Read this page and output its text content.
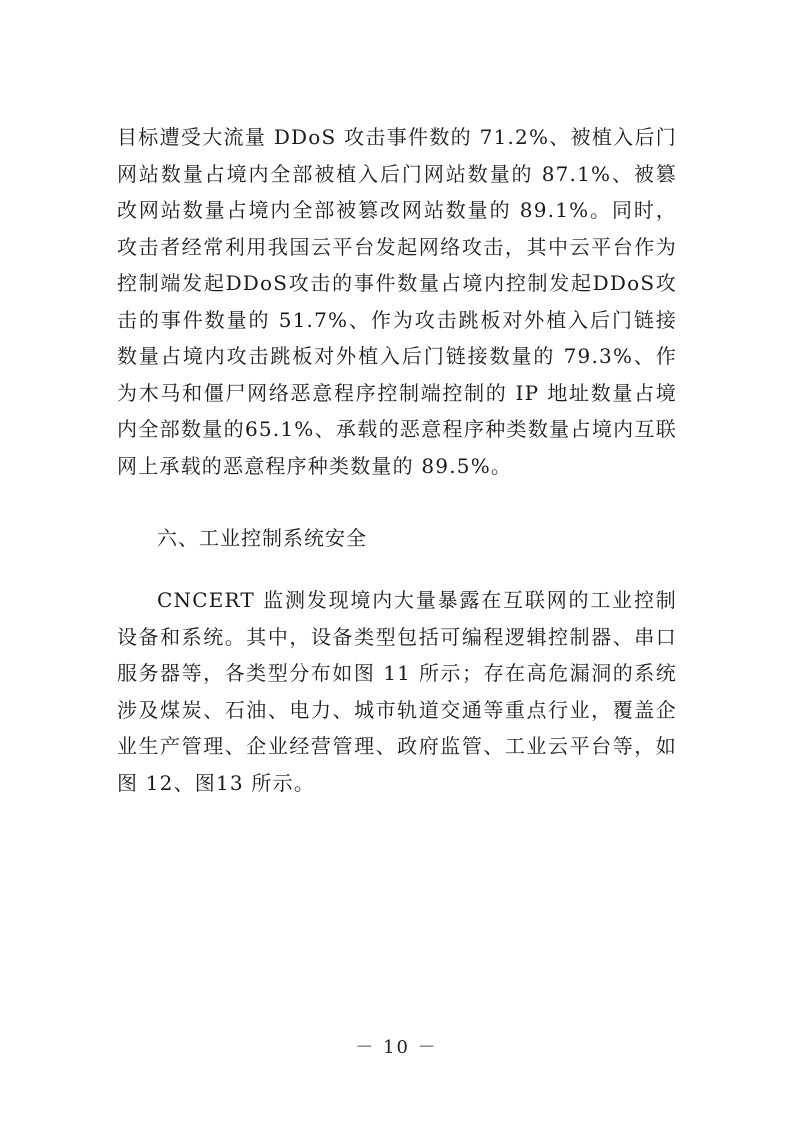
目标遭受大流量 DDoS 攻击事件数的 71.2%、被植入后门网站数量占境内全部被植入后门网站数量的 87.1%、被篡改网站数量占境内全部被篡改网站数量的 89.1%。同时，攻击者经常利用我国云平台发起网络攻击，其中云平台作为控制端发起DDoS攻击的事件数量占境内控制发起DDoS攻击的事件数量的 51.7%、作为攻击跳板对外植入后门链接数量占境内攻击跳板对外植入后门链接数量的 79.3%、作为木马和僵尸网络恶意程序控制端控制的 IP 地址数量占境内全部数量的65.1%、承载的恶意程序种类数量占境内互联网上承载的恶意程序种类数量的 89.5%。

六、工业控制系统安全

CNCERT 监测发现境内大量暴露在互联网的工业控制设备和系统。其中，设备类型包括可编程逻辑控制器、串口服务器等，各类型分布如图 11 所示；存在高危漏洞的系统涉及煤炭、石油、电力、城市轨道交通等重点行业，覆盖企业生产管理、企业经营管理、政府监管、工业云平台等，如图 12、图13 所示。

－ 10 －
